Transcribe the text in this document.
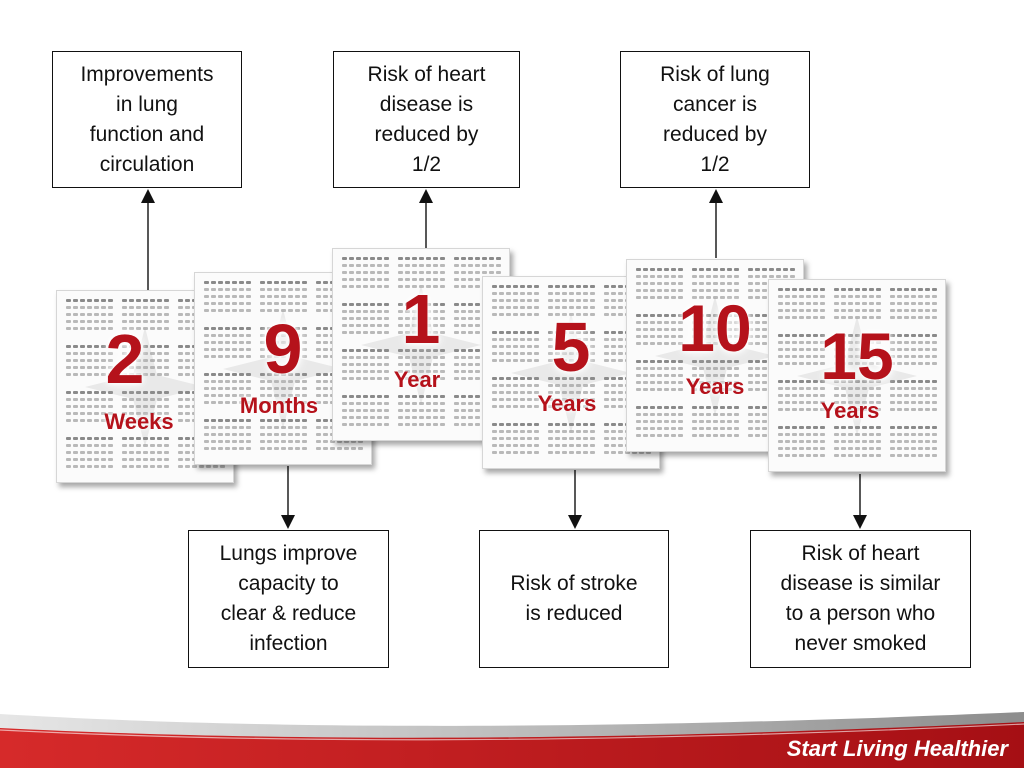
Improvements
in lung
function and
circulation
Risk of heart
disease is
reduced by
1/2
Risk of lung
cancer is
reduced by
1/2
2
Weeks
9
Months
1
Year	5
Years
10
Years	15
Years
Lungs improve
capacity to
clear & reduce
infection
Risk of stroke
is reduced
Risk of heart
disease is similar
to a person who
never smoked
Start Living Healthier
